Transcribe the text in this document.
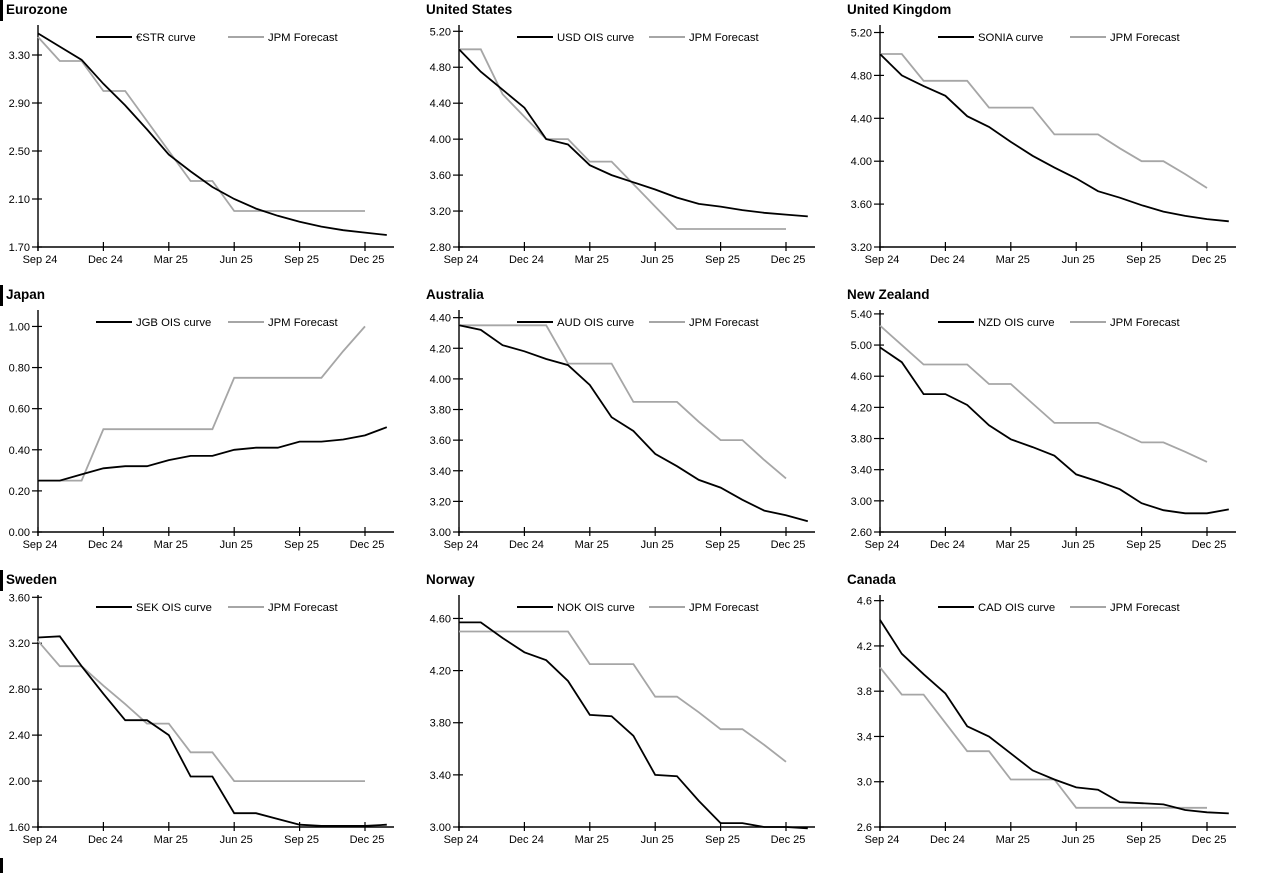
Eurozone
1.70
2.10
2.50
2.90
3.30
Sep 24	Dec 24	Mar 25	Jun 25	Sep 25	Dec 25
€STR curve	JPM Forecast
United States
2.80
3.20
3.60
4.00
4.40
4.80
5.20
Sep 24	Dec 24	Mar 25	Jun 25	Sep 25	Dec 25
USD OIS curve	JPM Forecast
United Kingdom
3.20
3.60
4.00
4.40
4.80
5.20
Sep 24	Dec 24	Mar 25	Jun 25	Sep 25	Dec 25
SONIA curve	JPM Forecast
Japan
0.00
0.20
0.40
0.60
0.80
1.00
Sep 24	Dec 24	Mar 25	Jun 25	Sep 25	Dec 25
JGB OIS curve	JPM Forecast
Australia
3.00
3.20
3.40
3.60
3.80
4.00
4.20
4.40
Sep 24	Dec 24	Mar 25	Jun 25	Sep 25	Dec 25
AUD OIS curve	JPM Forecast
New Zealand
2.60
3.00
3.40
3.80
4.20
4.60
5.00
5.40
Sep 24	Dec 24	Mar 25	Jun 25	Sep 25	Dec 25
NZD OIS curve	JPM Forecast
Sweden
1.60
2.00
2.40
2.80
3.20
3.60
Sep 24	Dec 24	Mar 25	Jun 25	Sep 25	Dec 25
SEK OIS curve	JPM Forecast
Norway
3.00
3.40
3.80
4.20
4.60
Sep 24	Dec 24	Mar 25	Jun 25	Sep 25	Dec 25
NOK OIS curve	JPM Forecast
Canada
2.6
3.0
3.4
3.8
4.2
4.6
Sep 24	Dec 24	Mar 25	Jun 25	Sep 25	Dec 25
CAD OIS curve	JPM Forecast
